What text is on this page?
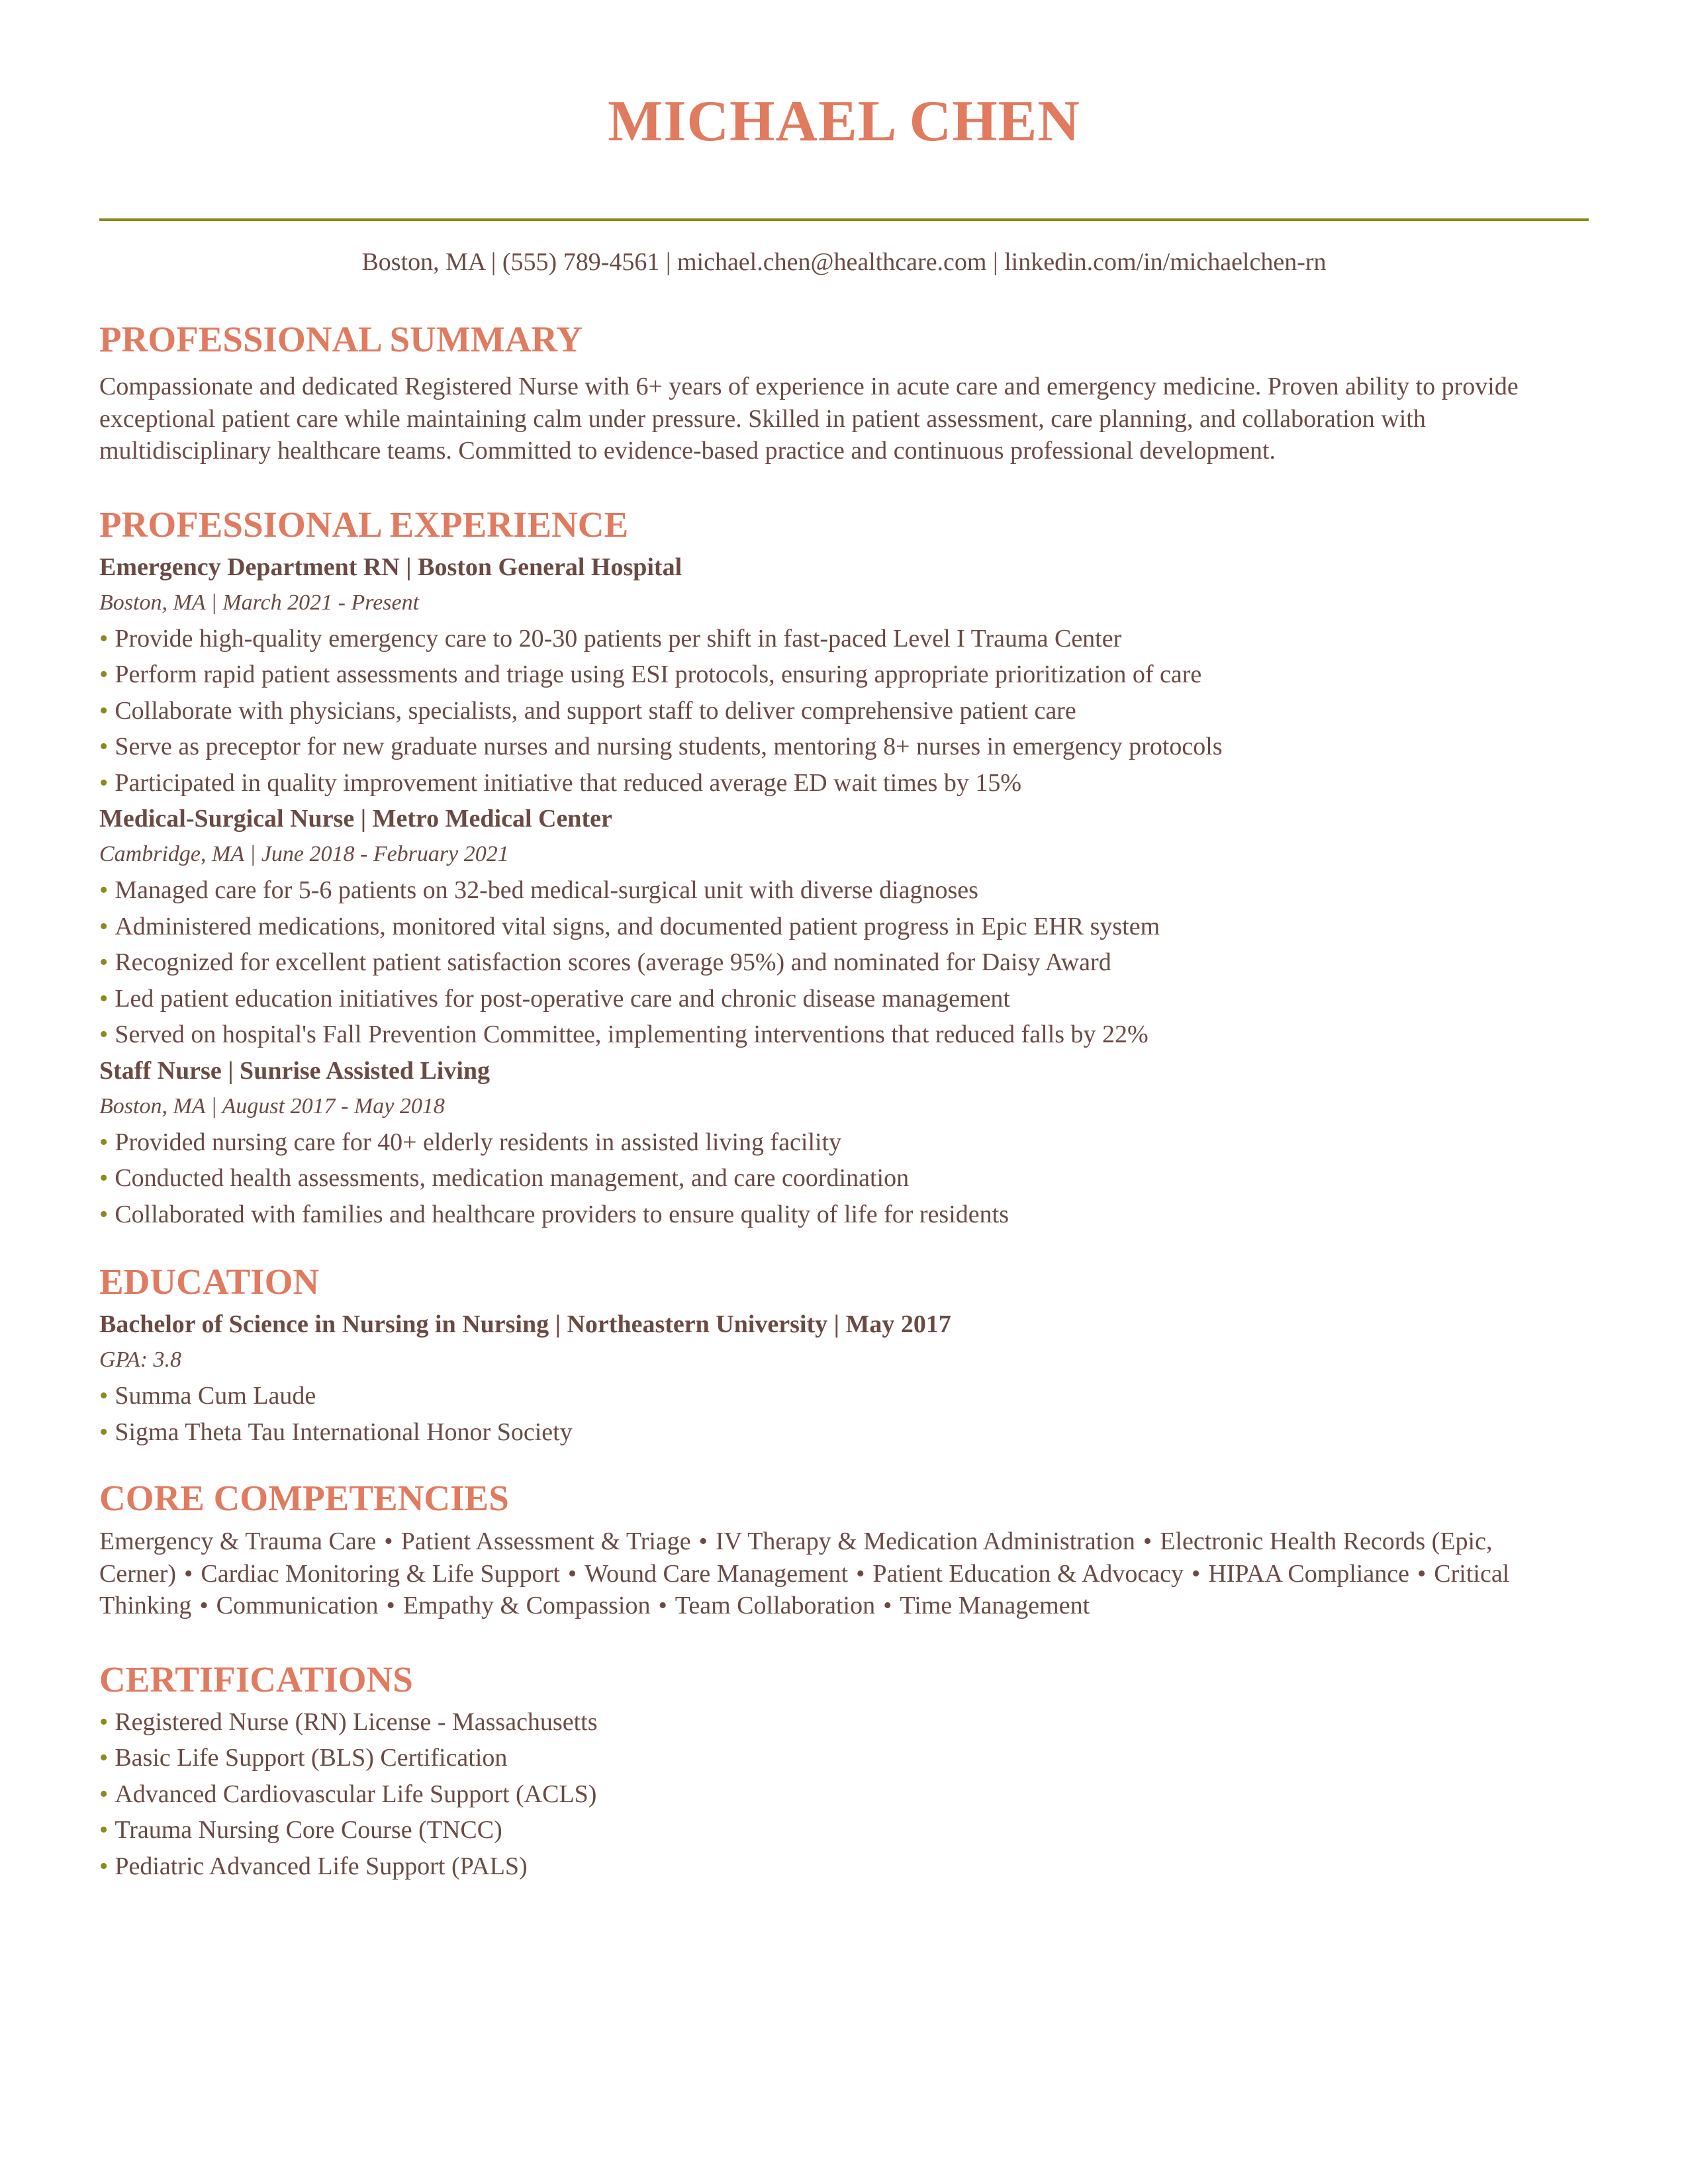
MICHAEL CHEN
Boston, MA | (555) 789-4561 | michael.chen@healthcare.com | linkedin.com/in/michaelchen-rn
PROFESSIONAL SUMMARY

Compassionate and dedicated Registered Nurse with 6+ years of experience in acute care and emergency medicine. Proven ability to provide exceptional patient care while maintaining calm under pressure. Skilled in patient assessment, care planning, and collaboration with multidisciplinary healthcare teams. Committed to evidence-based practice and continuous professional development.

PROFESSIONAL EXPERIENCE
Emergency Department RN | Boston General Hospital
Boston, MA | March 2021 - Present
• Provide high-quality emergency care to 20-30 patients per shift in fast-paced Level I Trauma Center
• Perform rapid patient assessments and triage using ESI protocols, ensuring appropriate prioritization of care
• Collaborate with physicians, specialists, and support staff to deliver comprehensive patient care
• Serve as preceptor for new graduate nurses and nursing students, mentoring 8+ nurses in emergency protocols
• Participated in quality improvement initiative that reduced average ED wait times by 15%
Medical-Surgical Nurse | Metro Medical Center
Cambridge, MA | June 2018 - February 2021
• Managed care for 5-6 patients on 32-bed medical-surgical unit with diverse diagnoses
• Administered medications, monitored vital signs, and documented patient progress in Epic EHR system
• Recognized for excellent patient satisfaction scores (average 95%) and nominated for Daisy Award
• Led patient education initiatives for post-operative care and chronic disease management
• Served on hospital's Fall Prevention Committee, implementing interventions that reduced falls by 22%
Staff Nurse | Sunrise Assisted Living
Boston, MA | August 2017 - May 2018
• Provided nursing care for 40+ elderly residents in assisted living facility
• Conducted health assessments, medication management, and care coordination
• Collaborated with families and healthcare providers to ensure quality of life for residents
EDUCATION
Bachelor of Science in Nursing in Nursing | Northeastern University | May 2017
GPA: 3.8
• Summa Cum Laude
• Sigma Theta Tau International Honor Society
CORE COMPETENCIES
Emergency & Trauma Care • Patient Assessment & Triage • IV Therapy & Medication Administration • Electronic Health Records (Epic, Cerner) • Cardiac Monitoring & Life Support • Wound Care Management • Patient Education & Advocacy • HIPAA Compliance • Critical Thinking • Communication • Empathy & Compassion • Team Collaboration • Time Management
CERTIFICATIONS
• Registered Nurse (RN) License - Massachusetts
• Basic Life Support (BLS) Certification
• Advanced Cardiovascular Life Support (ACLS)
• Trauma Nursing Core Course (TNCC)
• Pediatric Advanced Life Support (PALS)
